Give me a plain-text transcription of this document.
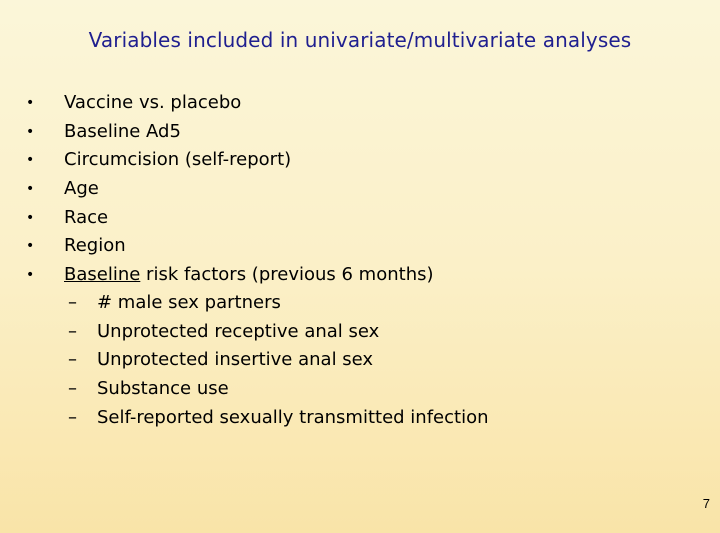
Variables included in univariate/multivariate analyses
• Vaccine vs. placebo
• Baseline Ad5
• Circumcision (self-report)
• Age
• Race
• Region
• Baseline risk factors (previous 6 months)
– # male sex partners
– Unprotected receptive anal sex
– Unprotected insertive anal sex
– Substance use
– Self-reported sexually transmitted infection
7
